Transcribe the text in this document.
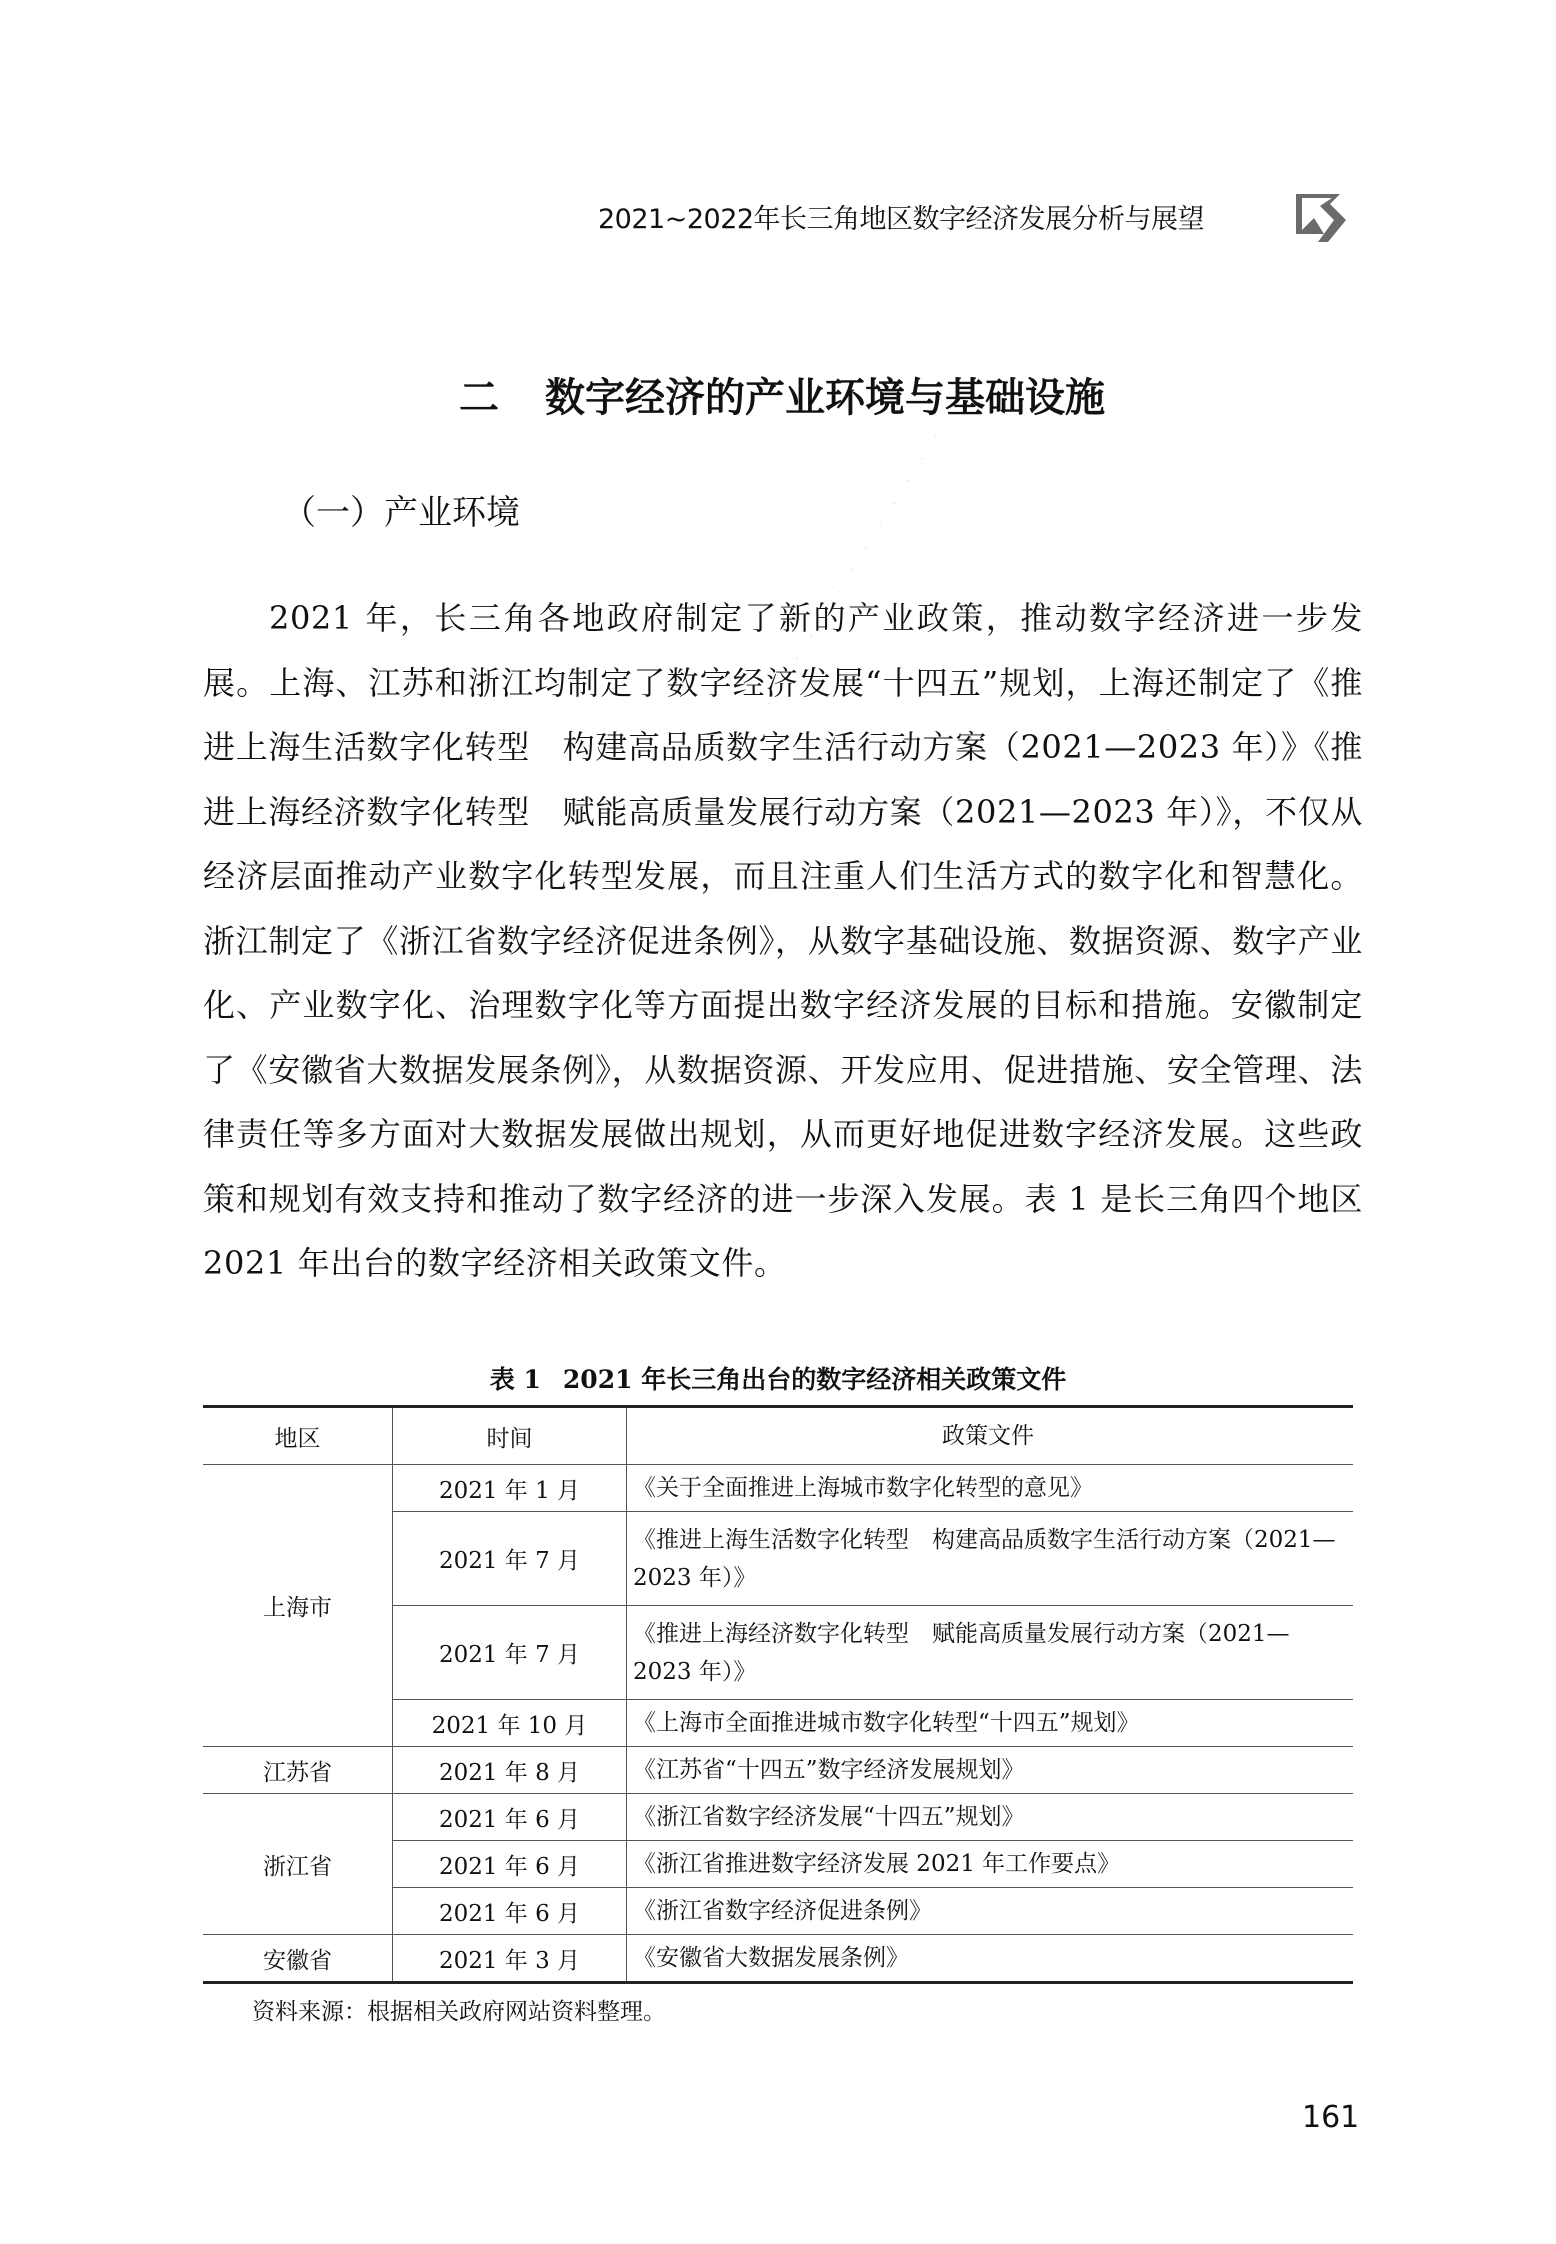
2021~2022年长三角地区数字经济发展分析与展望
二 数字经济的产业环境与基础设施
（一）产业环境

2021 年，长三角各地政府制定了新的产业政策，推动数字经济进一步发展。上海、江苏和浙江均制定了数字经济发展“十四五”规划，上海还制定了《推进上海生活数字化转型　构建高品质数字生活行动方案（2021—2023 年）》《推进上海经济数字化转型　赋能高质量发展行动方案（2021—2023 年）》，不仅从经济层面推动产业数字化转型发展，而且注重人们生活方式的数字化和智慧化。浙江制定了《浙江省数字经济促进条例》，从数字基础设施、数据资源、数字产业化、产业数字化、治理数字化等方面提出数字经济发展的目标和措施。安徽制定了《安徽省大数据发展条例》，从数据资源、开发应用、促进措施、安全管理、法律责任等多方面对大数据发展做出规划，从而更好地促进数字经济发展。这些政策和规划有效支持和推动了数字经济的进一步深入发展。表 1 是长三角四个地区 2021 年出台的数字经济相关政策文件。

· · · · · · · · · · · · · ·
表 1 2021 年长三角出台的数字经济相关政策文件
地区	时间	政策文件
上海市	2021 年 1 月	《关于全面推进上海城市数字化转型的意见》
	2021 年 7 月	《推进上海生活数字化转型　构建高品质数字生活行动方案（2021—2023 年）》
	2021 年 7 月	《推进上海经济数字化转型　赋能高质量发展行动方案（2021—2023 年）》
	2021 年 10 月	《上海市全面推进城市数字化转型“十四五”规划》
江苏省	2021 年 8 月	《江苏省“十四五”数字经济发展规划》
浙江省	2021 年 6 月	《浙江省数字经济发展“十四五”规划》
	2021 年 6 月	《浙江省推进数字经济发展 2021 年工作要点》
	2021 年 6 月	《浙江省数字经济促进条例》
安徽省	2021 年 3 月	《安徽省大数据发展条例》
资料来源：根据相关政府网站资料整理。
161
